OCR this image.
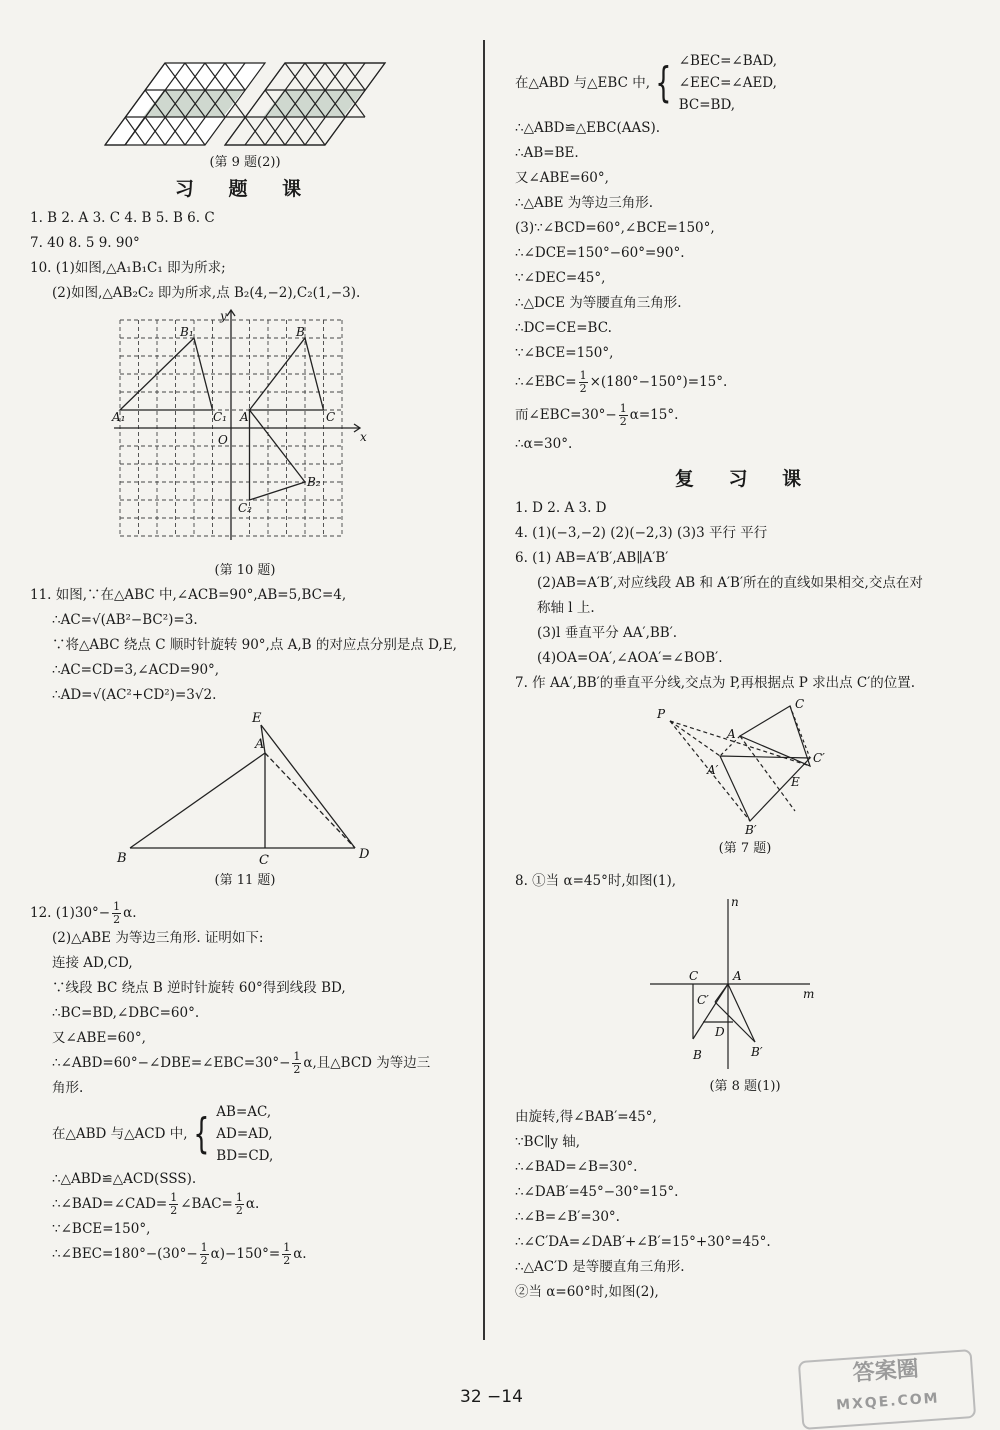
(第 9 题(2))
习 题 课
1. B 2. A 3. C 4. B 5. B 6. C
7. 40 8. 5 9. 90°
10. (1)如图,△A₁B₁C₁ 即为所求;
(2)如图,△AB₂C₂ 即为所求,点 B₂(4,−2),C₂(1,−3).
y
x
O
A₁
B₁
C₁ A
B
C
B₂
C₂
(第 10 题)
11. 如图,∵在△ABC 中,∠ACB=90°,AB=5,BC=4,
∴AC=√(AB²−BC²)=3.
∵将△ABC 绕点 C 顺时针旋转 90°,点 A,B 的对应点分别是点 D,E,
∴AC=CD=3,∠ACD=90°,
∴AD=√(AC²+CD²)=3√2.
E
A
B	C	D
(第 11 题)
12. $(1)30^\circ- \frac{1}{2} \alpha$.
(2)△ABE 为等边三角形. 证明如下:
连接 AD,CD,
∵线段 BC 绕点 B 逆时针旋转 60°得到线段 BD,
∴BC=BD,∠DBC=60°.
又∠ABE=60°,
∴∠ABD=60°−∠DBE=∠EBC=30°− $\frac{1}{2} \alpha$,且△BCD 为等边三
角形.
在△ABD 与△ACD 中, { AB=AC,
AD=AD,
BD=CD,
∴△ABD≌△ACD(SSS).
∴∠BAD=∠CAD= $\frac{1}{2}$ ∠BAC= $\frac{1}{2} \alpha$.
∵∠BCE=150°,
∴∠BEC=180°−(30°− $\frac{1}{2} \alpha)-150^\circ= \frac{1}{2} \alpha$.
在△ABD 与△EBC 中, { ∠BEC=∠BAD,
∠EEC=∠AED,
BC=BD,
∴△ABD≌△EBC(AAS).
∴AB=BE.
又∠ABE=60°,
∴△ABE 为等边三角形.
(3)∵∠BCD=60°,∠BCE=150°,
∴∠DCE=150°−60°=90°.
∵∠DEC=45°,
∴△DCE 为等腰直角三角形.
∴DC=CE=BC.
∵∠BCE=150°,
∴∠EBC= $\frac{1}{2} \times(180^\circ-150^\circ)=15^\circ$.
而∠EBC=30°− $\frac{1}{2} \alpha=15^\circ$.
∴α=30°.
复 习 课
1. D 2. A 3. D
4. (1)(−3,−2) (2)(−2,3) (3)3 平行 平行
6. (1) AB=A′B′,AB∥A′B′
(2)AB=A′B′,对应线段 AB 和 A′B′所在的直线如果相交,交点在对
称轴 l 上.
(3)l 垂直平分 AA′,BB′.
(4)OA=OA′,∠AOA′=∠BOB′.
7. 作 AA′,BB′的垂直平分线,交点为 P,再根据点 P 求出点 C′的位置.
P
C
A
C′
A′
E
B′
(第 7 题)
8. ①当 α=45°时,如图(1),
n
m
C	A
C′
D
B	B′
(第 8 题(1))
由旋转,得∠BAB′=45°,
∵BC∥y 轴,
∴∠BAD=∠B=30°.
∴∠DAB′=45°−30°=15°.
∴∠B=∠B′=30°.
∴∠C′DA=∠DAB′+∠B′=15°+30°=45°.
∴△AC′D 是等腰直角三角形.
②当 α=60°时,如图(2),
32 −14
答案圈
MXQE.COM
